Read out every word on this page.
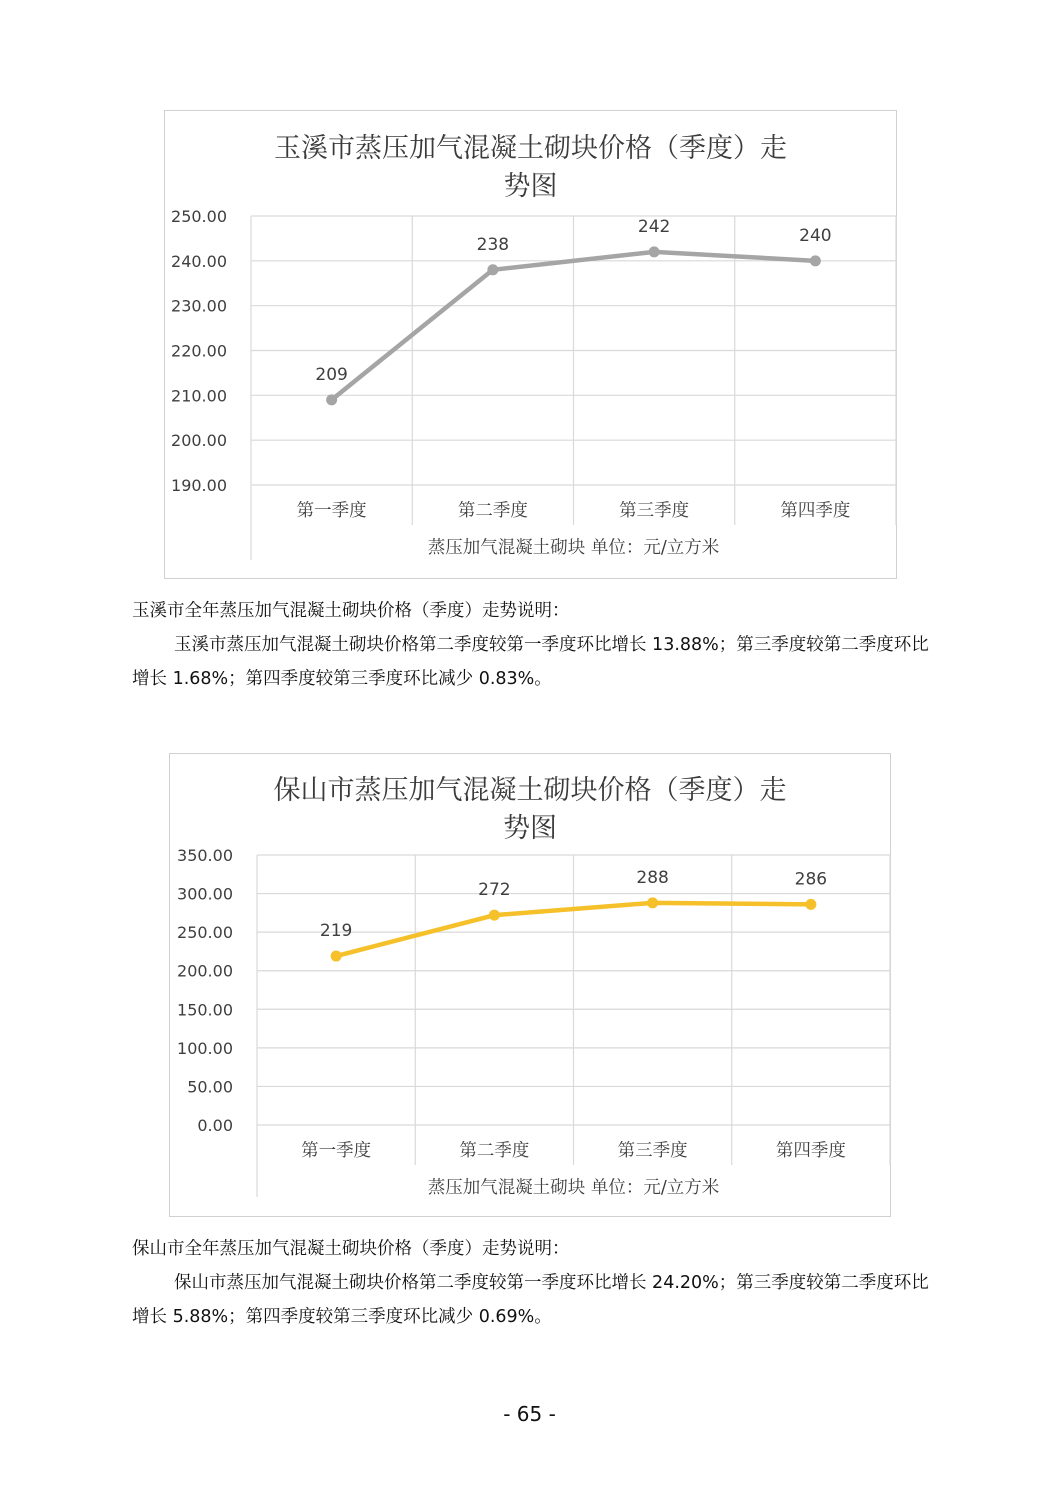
玉溪市蒸压加气混凝土砌块价格（季度）走
势图
250.00
240.00
230.00
220.00
210.00
200.00
190.00
第一季度	第二季度	第三季度	第四季度
蒸压加气混凝土砌块 单位：元/立方米
209
238
242	240
玉溪市全年蒸压加气混凝土砌块价格（季度）走势说明：
玉溪市蒸压加气混凝土砌块价格第二季度较第一季度环比增长 13.88%；第三季度较第二季度环比增长 1.68%；第四季度较第三季度环比减少 0.83%。
保山市蒸压加气混凝土砌块价格（季度）走
势图
350.00
300.00
250.00
200.00
150.00
100.00
50.00
0.00
第一季度	第二季度	第三季度	第四季度
蒸压加气混凝土砌块 单位：元/立方米
219
272
288	286
保山市全年蒸压加气混凝土砌块价格（季度）走势说明：
保山市蒸压加气混凝土砌块价格第二季度较第一季度环比增长 24.20%；第三季度较第二季度环比增长 5.88%；第四季度较第三季度环比减少 0.69%。
- 65 -
